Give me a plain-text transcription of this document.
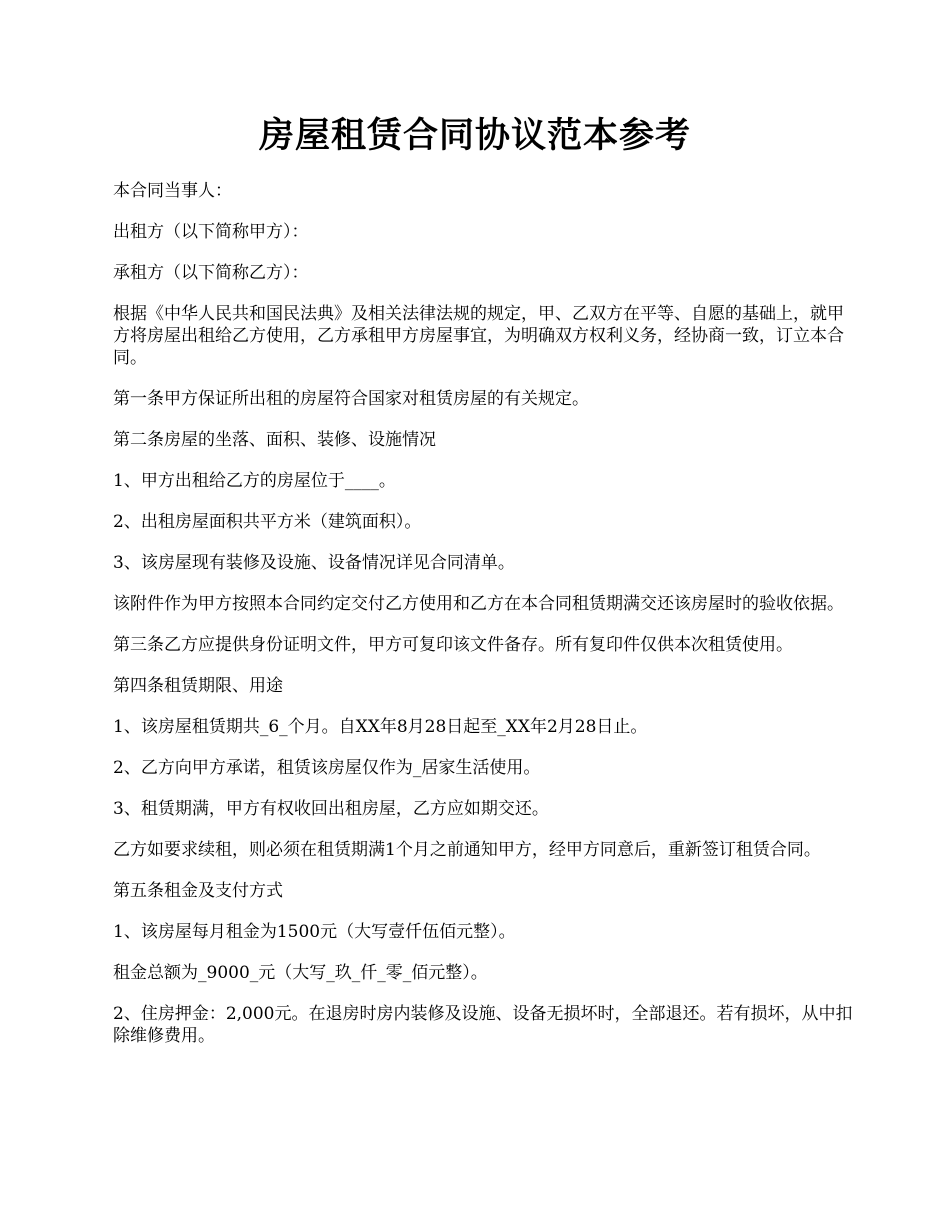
房屋租赁合同协议范本参考

本合同当事人：

出租方（以下简称甲方）：

承租方（以下简称乙方）：

根据《中华人民共和国民法典》及相关法律法规的规定，甲、乙双方在平等、自愿的基础上，就甲方将房屋出租给乙方使用，乙方承租甲方房屋事宜，为明确双方权利义务，经协商一致，订立本合同。

第一条甲方保证所出租的房屋符合国家对租赁房屋的有关规定。

第二条房屋的坐落、面积、装修、设施情况

1、甲方出租给乙方的房屋位于____。

2、出租房屋面积共平方米（建筑面积）。

3、该房屋现有装修及设施、设备情况详见合同清单。

该附件作为甲方按照本合同约定交付乙方使用和乙方在本合同租赁期满交还该房屋时的验收依据。

第三条乙方应提供身份证明文件，甲方可复印该文件备存。所有复印件仅供本次租赁使用。

第四条租赁期限、用途

1、该房屋租赁期共_6_个月。自XX年8月28日起至_XX年2月28日止。

2、乙方向甲方承诺，租赁该房屋仅作为_居家生活使用。

3、租赁期满，甲方有权收回出租房屋，乙方应如期交还。

乙方如要求续租，则必须在租赁期满1个月之前通知甲方，经甲方同意后，重新签订租赁合同。

第五条租金及支付方式

1、该房屋每月租金为1500元（大写壹仟伍佰元整）。

租金总额为_9000_元（大写_玖_仟_零_佰元整）。

2、住房押金：2,000元。在退房时房内装修及设施、设备无损坏时，全部退还。若有损坏，从中扣除维修费用。
